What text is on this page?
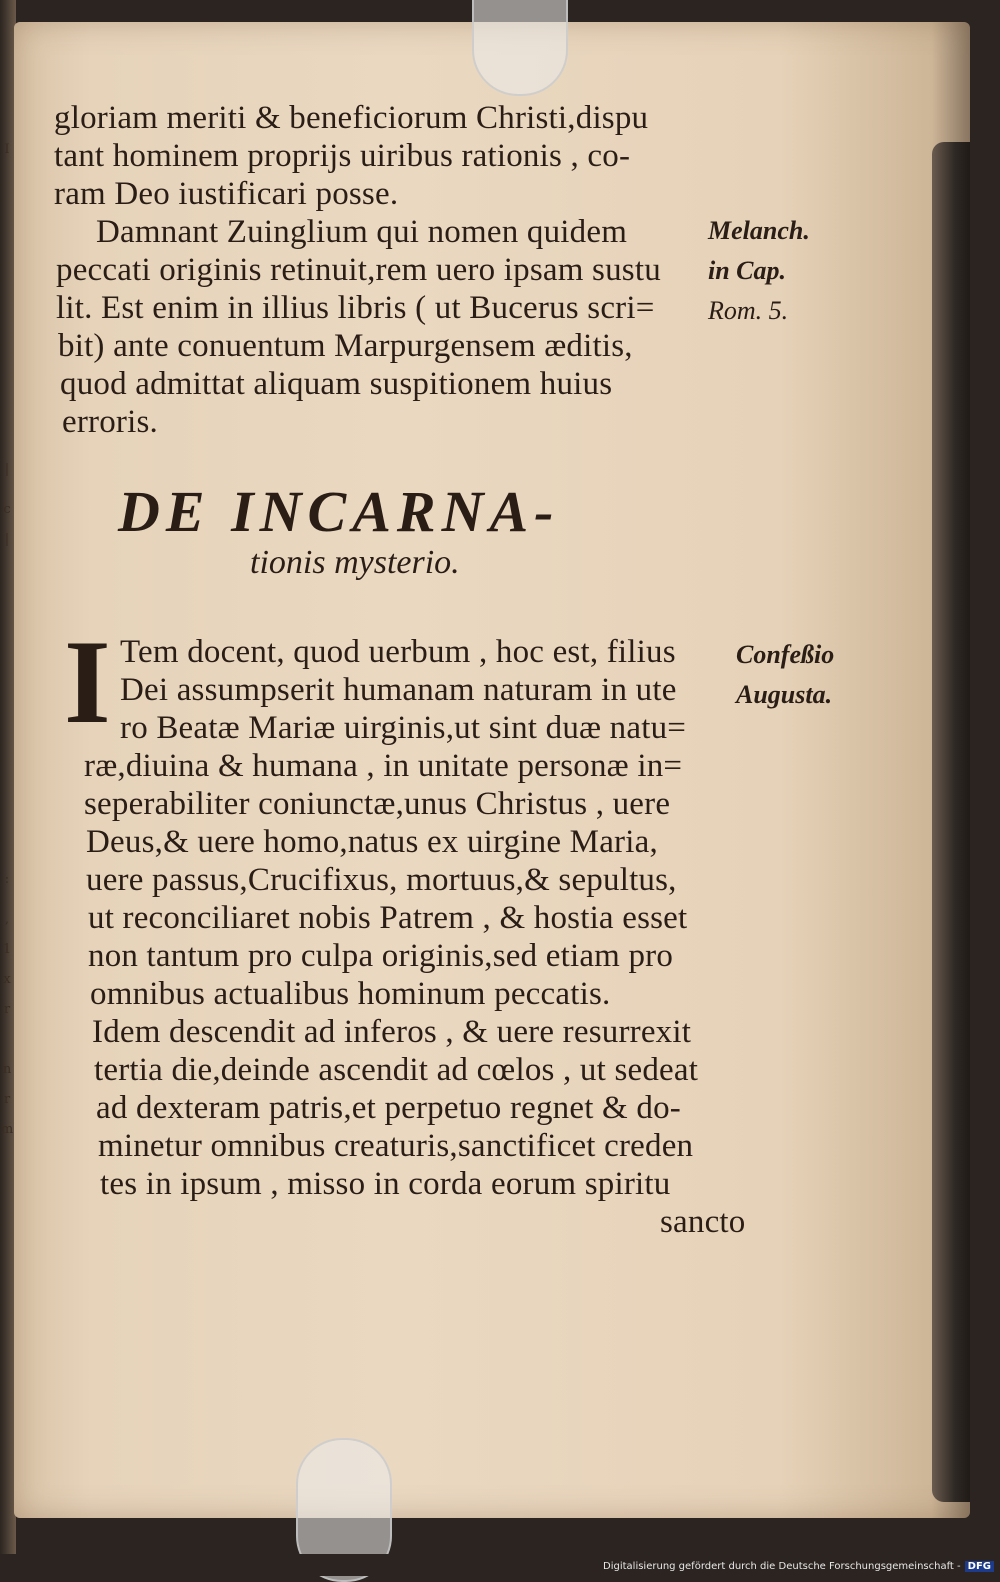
I
|
c
|
:
,
1
x
r
n
r
m
gloriam meriti & beneficiorum Christi,dispu
tant hominem proprijs uiribus rationis , co-
ram Deo iustificari posse.
Damnant Zuinglium qui nomen quidem
peccati originis retinuit,rem uero ipsam sustu
lit. Est enim in illius libris ( ut Bucerus scri=
bit) ante conuentum Marpurgensem æditis,
quod admittat aliquam suspitionem huius
erroris.
Melanch.
in Cap.
Rom. 5.
DE INCARNA-
tionis mysterio.
I Tem docent, quod uerbum , hoc est, filius
Dei assumpserit humanam naturam in ute
ro Beatæ Mariæ uirginis,ut sint duæ natu=
ræ,diuina & humana , in unitate personæ in=
seperabiliter coniunctæ,unus Christus , uere
Deus,& uere homo,natus ex uirgine Maria,
uere passus,Crucifixus, mortuus,& sepultus,
ut reconciliaret nobis Patrem , & hostia esset
non tantum pro culpa originis,sed etiam pro
omnibus actualibus hominum peccatis.
Idem descendit ad inferos , & uere resurrexit
tertia die,deinde ascendit ad cœlos , ut sedeat
ad dexteram patris,et perpetuo regnet & do-
minetur omnibus creaturis,sanctificet creden
tes in ipsum , misso in corda eorum spiritu
sancto
Confeßio
Augusta.
Digitalisierung gefördert durch die Deutsche Forschungsgemeinschaft - DFG
